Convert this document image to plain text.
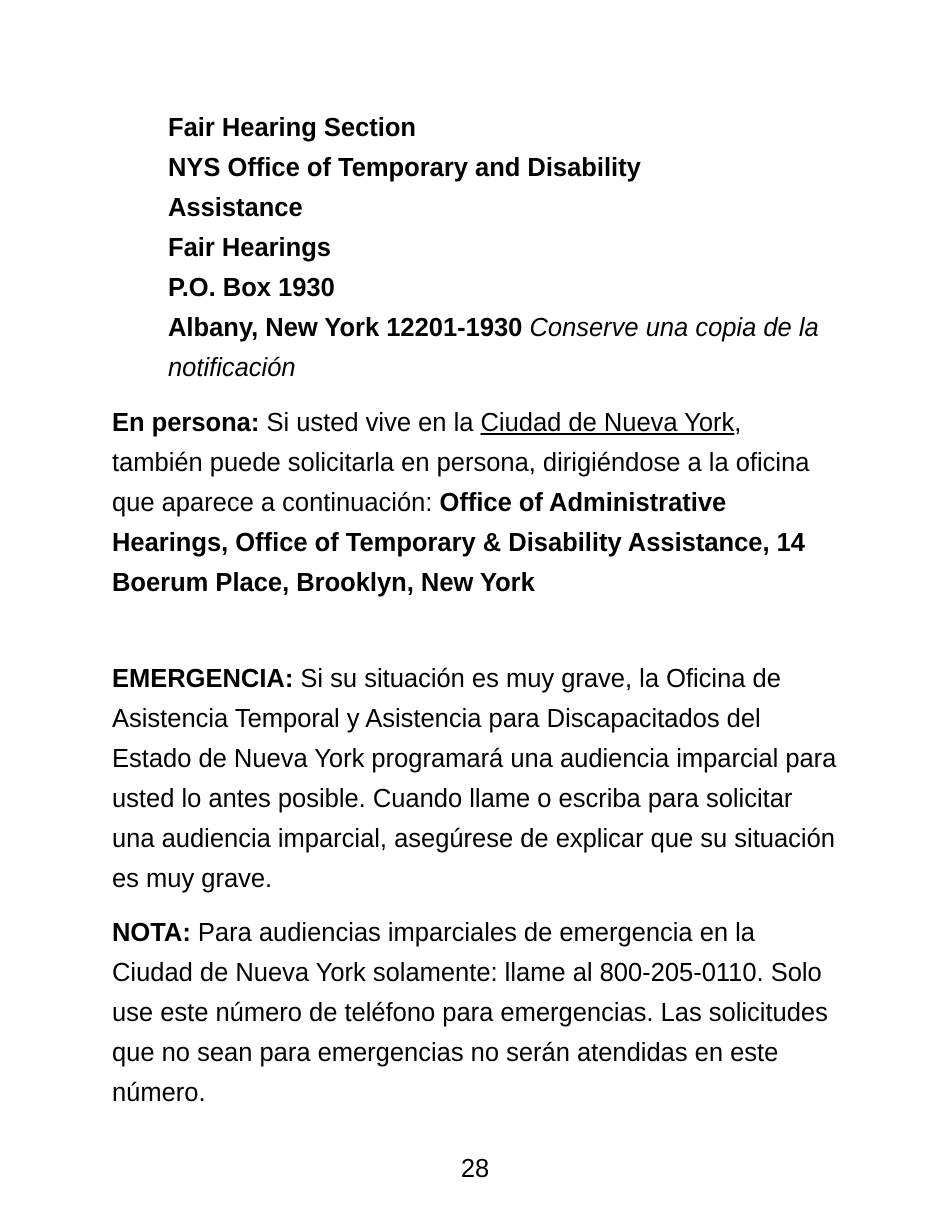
Fair Hearing Section
NYS Office of Temporary and Disability
Assistance
Fair Hearings
P.O. Box 1930
Albany, New York 12201-1930 Conserve una copia de la notificación

En persona: Si usted vive en la Ciudad de Nueva York, también puede solicitarla en persona, dirigiéndose a la oficina que aparece a continuación: Office of Administrative Hearings, Office of Temporary & Disability Assistance, 14 Boerum Place, Brooklyn, New York

EMERGENCIA: Si su situación es muy grave, la Oficina de Asistencia Temporal y Asistencia para Discapacitados del Estado de Nueva York programará una audiencia imparcial para usted lo antes posible. Cuando llame o escriba para solicitar una audiencia imparcial, asegúrese de explicar que su situación es muy grave.

NOTA: Para audiencias imparciales de emergencia en la Ciudad de Nueva York solamente: llame al 800-205-0110. Solo use este número de teléfono para emergencias. Las solicitudes que no sean para emergencias no serán atendidas en este número.

28
